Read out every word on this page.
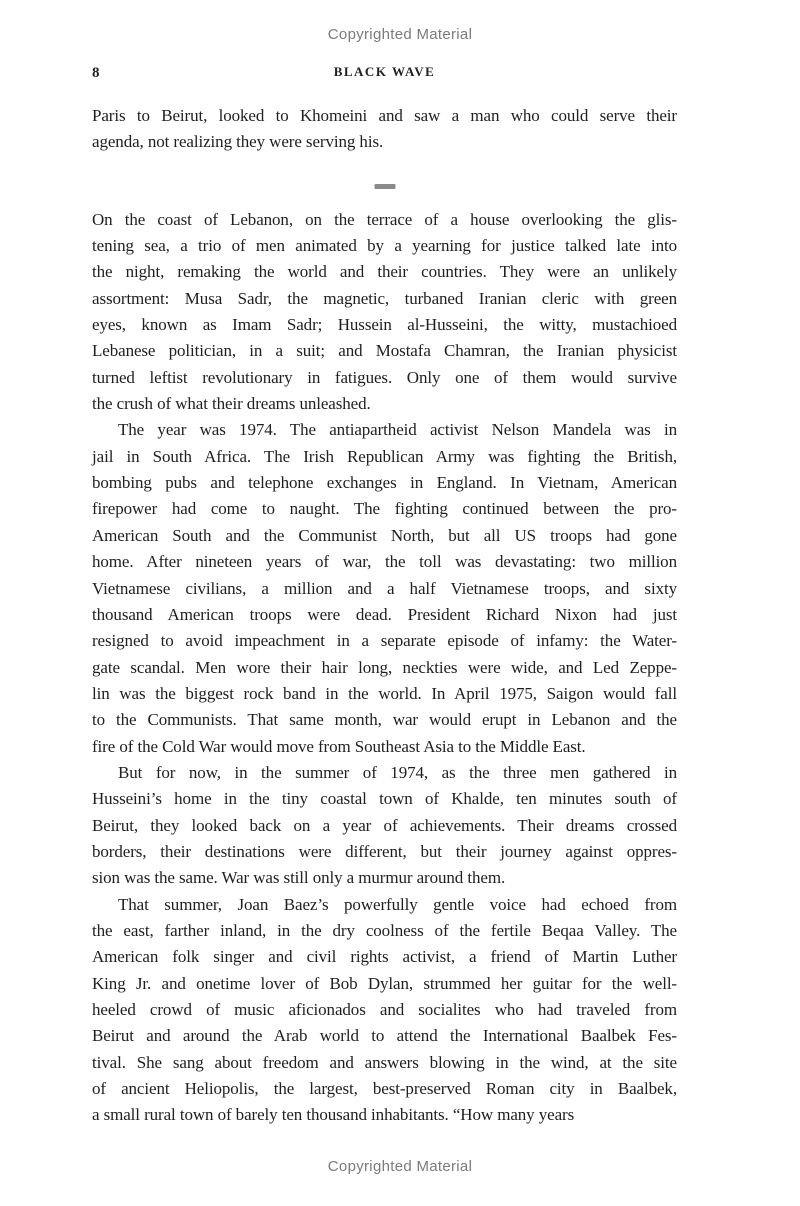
Copyrighted Material
8	BLACK WAVE
Paris to Beirut, looked to Khomeini and saw a man who could serve their
agenda, not realizing they were serving his.
On the coast of Lebanon, on the terrace of a house overlooking the glis-
tening sea, a trio of men animated by a yearning for justice talked late into
the night, remaking the world and their countries. They were an unlikely
assortment: Musa Sadr, the magnetic, turbaned Iranian cleric with green
eyes, known as Imam Sadr; Hussein al-Husseini, the witty, mustachioed
Lebanese politician, in a suit; and Mostafa Chamran, the Iranian physicist
turned leftist revolutionary in fatigues. Only one of them would survive
the crush of what their dreams unleashed.
The year was 1974. The antiapartheid activist Nelson Mandela was in
jail in South Africa. The Irish Republican Army was fighting the British,
bombing pubs and telephone exchanges in England. In Vietnam, American
firepower had come to naught. The fighting continued between the pro-
American South and the Communist North, but all US troops had gone
home. After nineteen years of war, the toll was devastating: two million
Vietnamese civilians, a million and a half Vietnamese troops, and sixty
thousand American troops were dead. President Richard Nixon had just
resigned to avoid impeachment in a separate episode of infamy: the Water-
gate scandal. Men wore their hair long, neckties were wide, and Led Zeppe-
lin was the biggest rock band in the world. In April 1975, Saigon would fall
to the Communists. That same month, war would erupt in Lebanon and the
fire of the Cold War would move from Southeast Asia to the Middle East.
But for now, in the summer of 1974, as the three men gathered in
Husseini’s home in the tiny coastal town of Khalde, ten minutes south of
Beirut, they looked back on a year of achievements. Their dreams crossed
borders, their destinations were different, but their journey against oppres-
sion was the same. War was still only a murmur around them.
That summer, Joan Baez’s powerfully gentle voice had echoed from
the east, farther inland, in the dry coolness of the fertile Beqaa Valley. The
American folk singer and civil rights activist, a friend of Martin Luther
King Jr. and onetime lover of Bob Dylan, strummed her guitar for the well-
heeled crowd of music aficionados and socialites who had traveled from
Beirut and around the Arab world to attend the International Baalbek Fes-
tival. She sang about freedom and answers blowing in the wind, at the site
of ancient Heliopolis, the largest, best-preserved Roman city in Baalbek,
a small rural town of barely ten thousand inhabitants. “How many years
Copyrighted Material
